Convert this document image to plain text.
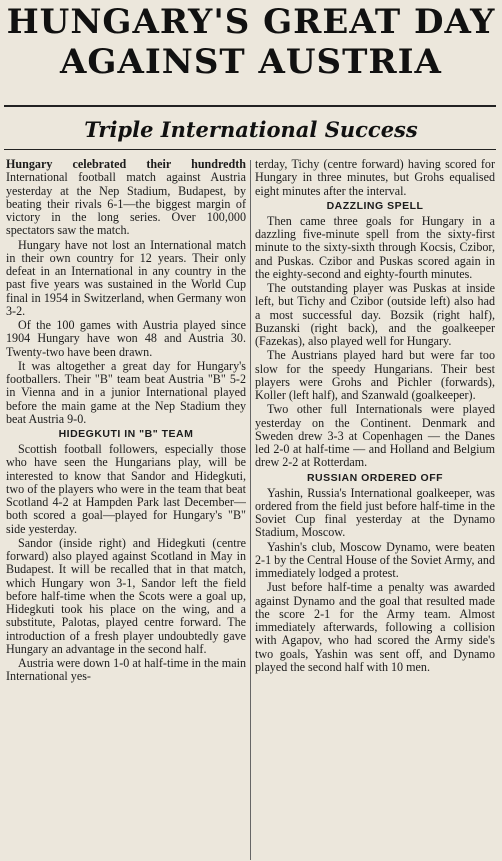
HUNGARY'S GREAT DAY
AGAINST AUSTRIA
Triple International Success

Hungary celebrated their hundredth International football match against Austria yesterday at the Nep Stadium, Budapest, by beating their rivals 6-1—the biggest margin of victory in the long series. Over 100,000 spectators saw the match.

Hungary have not lost an International match in their own country for 12 years. Their only defeat in an International in any country in the past five years was sustained in the World Cup final in 1954 in Switzerland, when Germany won 3-2.

Of the 100 games with Austria played since 1904 Hungary have won 48 and Austria 30. Twenty-two have been drawn.

It was altogether a great day for Hungary's footballers. Their "B" team beat Austria "B" 5-2 in Vienna and in a junior International played before the main game at the Nep Stadium they beat Austria 9-0.

HIDEGKUTI IN "B" TEAM

Scottish football followers, especially those who have seen the Hungarians play, will be interested to know that Sandor and Hidegkuti, two of the players who were in the team that beat Scotland 4-2 at Hampden Park last December—both scored a goal—played for Hungary's "B" side yesterday.

Sandor (inside right) and Hidegkuti (centre forward) also played against Scotland in May in Budapest. It will be recalled that in that match, which Hungary won 3-1, Sandor left the field before half-time when the Scots were a goal up, Hidegkuti took his place on the wing, and a substitute, Palotas, played centre forward. The introduction of a fresh player undoubtedly gave Hungary an advantage in the second half.

Austria were down 1-0 at half-time in the main International yes-

terday, Tichy (centre forward) having scored for Hungary in three minutes, but Grohs equalised eight minutes after the interval.

DAZZLING SPELL

Then came three goals for Hungary in a dazzling five-minute spell from the sixty-first minute to the sixty-sixth through Kocsis, Czibor, and Puskas. Czibor and Puskas scored again in the eighty-second and eighty-fourth minutes.

The outstanding player was Puskas at inside left, but Tichy and Czibor (outside left) also had a most successful day. Bozsik (right half), Buzanski (right back), and the goalkeeper (Fazekas), also played well for Hungary.

The Austrians played hard but were far too slow for the speedy Hungarians. Their best players were Grohs and Pichler (forwards), Koller (left half), and Szanwald (goalkeeper).

Two other full Internationals were played yesterday on the Continent. Denmark and Sweden drew 3-3 at Copenhagen — the Danes led 2-0 at half-time — and Holland and Belgium drew 2-2 at Rotterdam.

RUSSIAN ORDERED OFF

Yashin, Russia's International goalkeeper, was ordered from the field just before half-time in the Soviet Cup final yesterday at the Dynamo Stadium, Moscow.

Yashin's club, Moscow Dynamo, were beaten 2-1 by the Central House of the Soviet Army, and immediately lodged a protest.

Just before half-time a penalty was awarded against Dynamo and the goal that resulted made the score 2-1 for the Army team. Almost immediately afterwards, following a collision with Agapov, who had scored the Army side's two goals, Yashin was sent off, and Dynamo played the second half with 10 men.
